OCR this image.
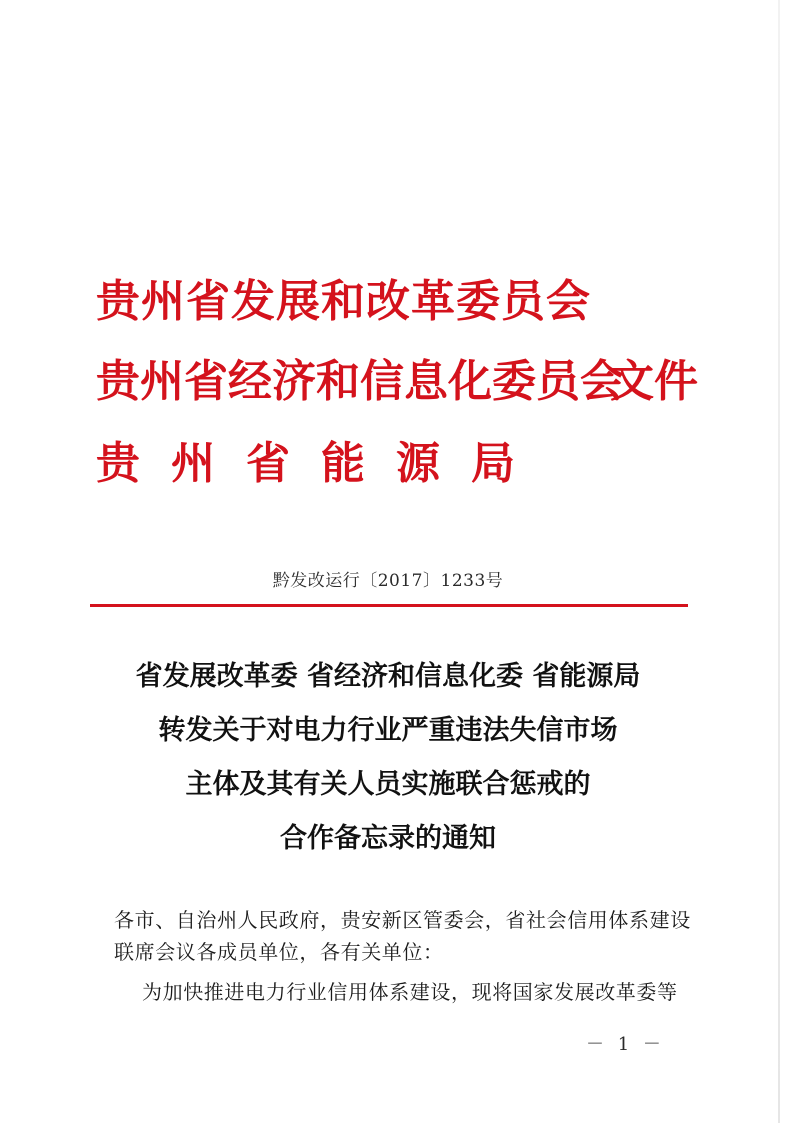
贵州省发展和改革委员会
贵州省经济和信息化委员会
文件
贵州省能源局
黔发改运行〔2017〕1233号
省发展改革委 省经济和信息化委 省能源局
转发关于对电力行业严重违法失信市场
主体及其有关人员实施联合惩戒的
合作备忘录的通知

各市、自治州人民政府，贵安新区管委会，省社会信用体系建设

联席会议各成员单位，各有关单位：

为加快推进电力行业信用体系建设，现将国家发展改革委等
－ 1 －
